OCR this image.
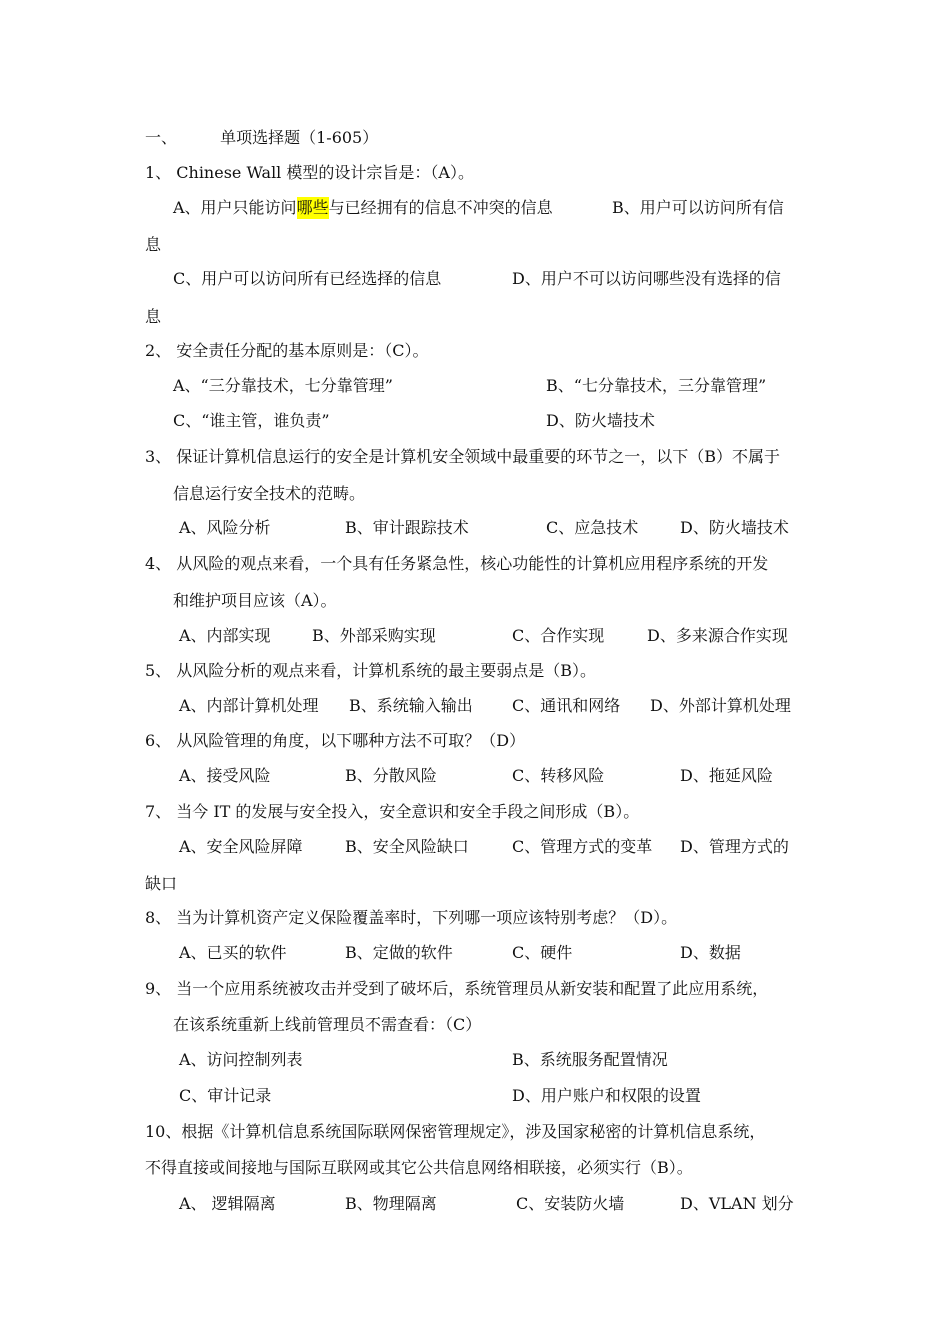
一、	单项选择题（1-605）
1、 Chinese Wall 模型的设计宗旨是：（A）。
A、用户只能访问哪些与已经拥有的信息不冲突的信息	B、用户可以访问所有信
息
C、用户可以访问所有已经选择的信息	D、用户不可以访问哪些没有选择的信
息
2、 安全责任分配的基本原则是：（C）。
A、“三分靠技术，七分靠管理”	B、“七分靠技术，三分靠管理”
C、“谁主管，谁负责”	D、防火墙技术
3、 保证计算机信息运行的安全是计算机安全领域中最重要的环节之一，以下（B）不属于
信息运行安全技术的范畴。
A、风险分析	B、审计跟踪技术	C、应急技术	D、防火墙技术
4、 从风险的观点来看，一个具有任务紧急性，核心功能性的计算机应用程序系统的开发
和维护项目应该（A）。
A、内部实现	B、外部采购实现	C、合作实现	D、多来源合作实现
5、 从风险分析的观点来看，计算机系统的最主要弱点是（B）。
A、内部计算机处理 B、系统输入输出 C、通讯和网络 D、外部计算机处理
6、 从风险管理的角度，以下哪种方法不可取？（D）
A、接受风险	B、分散风险	C、转移风险	D、拖延风险
7、 当今 IT 的发展与安全投入，安全意识和安全手段之间形成（B）。
A、安全风险屏障	B、安全风险缺口	C、管理方式的变革 D、管理方式的
缺口
8、 当为计算机资产定义保险覆盖率时，下列哪一项应该特别考虑？（D）。
A、已买的软件	B、定做的软件	C、硬件	D、数据
9、 当一个应用系统被攻击并受到了破坏后，系统管理员从新安装和配置了此应用系统，
在该系统重新上线前管理员不需查看：（C）
A、访问控制列表	B、系统服务配置情况
C、审计记录	D、用户账户和权限的设置
10、根据《计算机信息系统国际联网保密管理规定》，涉及国家秘密的计算机信息系统，
不得直接或间接地与国际互联网或其它公共信息网络相联接，必须实行（B）。
A、 逻辑隔离	B、物理隔离	C、安装防火墙	D、VLAN 划分
